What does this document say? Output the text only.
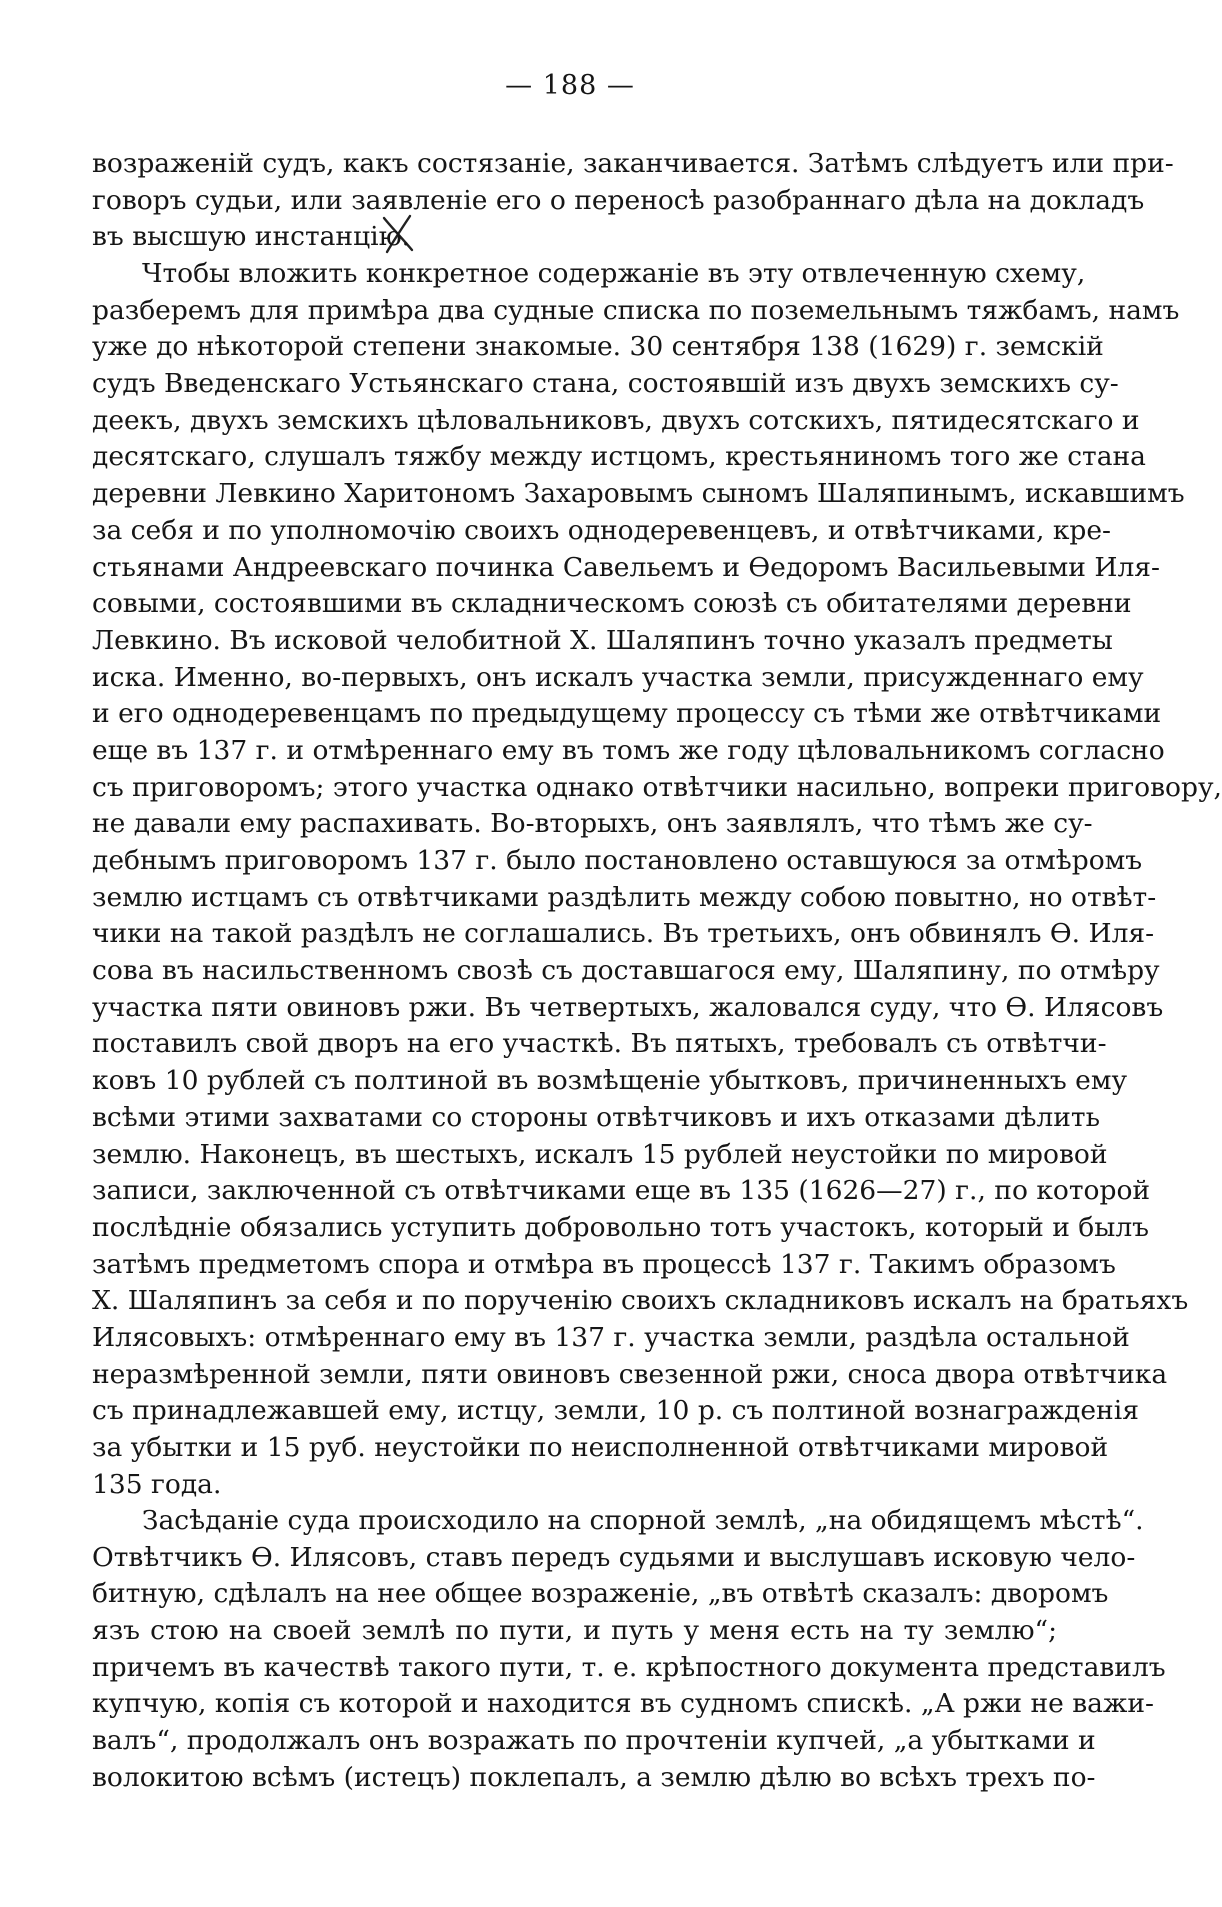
— 188 —
возраженій судъ, какъ состязаніе, заканчивается. Затѣмъ слѣдуетъ или при-
говоръ судьи, или заявленіе его о переносѣ разобраннаго дѣла на докладъ
въ высшую инстанцію.
Чтобы вложить конкретное содержаніе въ эту отвлеченную схему,
разберемъ для примѣра два судные списка по поземельнымъ тяжбамъ, намъ
уже до нѣкоторой степени знакомые. 30 сентября 138 (1629) г. земскій
судъ Введенскаго Устьянскаго стана, состоявшій изъ двухъ земскихъ су-
деекъ, двухъ земскихъ цѣловальниковъ, двухъ сотскихъ, пятидесятскаго и
десятскаго, слушалъ тяжбу между истцомъ, крестьяниномъ того же стана
деревни Левкино Харитономъ Захаровымъ сыномъ Шаляпинымъ, искавшимъ
за себя и по уполномочію своихъ однодеревенцевъ, и отвѣтчиками, кре-
стьянами Андреевскаго починка Савельемъ и Ѳедоромъ Васильевыми Иля-
совыми, состоявшими въ складническомъ союзѣ съ обитателями деревни
Левкино. Въ исковой челобитной Х. Шаляпинъ точно указалъ предметы
иска. Именно, во-первыхъ, онъ искалъ участка земли, присужденнаго ему
и его однодеревенцамъ по предыдущему процессу съ тѣми же отвѣтчиками
еще въ 137 г. и отмѣреннаго ему въ томъ же году цѣловальникомъ согласно
съ приговоромъ; этого участка однако отвѣтчики насильно, вопреки приговору,
не давали ему распахивать. Во-вторыхъ, онъ заявлялъ, что тѣмъ же су-
дебнымъ приговоромъ 137 г. было постановлено оставшуюся за отмѣромъ
землю истцамъ съ отвѣтчиками раздѣлить между собою повытно, но отвѣт-
чики на такой раздѣлъ не соглашались. Въ третьихъ, онъ обвинялъ Ѳ. Иля-
сова въ насильственномъ свозѣ съ доставшагося ему, Шаляпину, по отмѣру
участка пяти овиновъ ржи. Въ четвертыхъ, жаловался суду, что Ѳ. Илясовъ
поставилъ свой дворъ на его участкѣ. Въ пятыхъ, требовалъ съ отвѣтчи-
ковъ 10 рублей съ полтиной въ возмѣщеніе убытковъ, причиненныхъ ему
всѣми этими захватами со стороны отвѣтчиковъ и ихъ отказами дѣлить
землю. Наконецъ, въ шестыхъ, искалъ 15 рублей неустойки по мировой
записи, заключенной съ отвѣтчиками еще въ 135 (1626—27) г., по которой
послѣдніе обязались уступить добровольно тотъ участокъ, который и былъ
затѣмъ предметомъ спора и отмѣра въ процессѣ 137 г. Такимъ образомъ
Х. Шаляпинъ за себя и по порученію своихъ складниковъ искалъ на братьяхъ
Илясовыхъ: отмѣреннаго ему въ 137 г. участка земли, раздѣла остальной
неразмѣренной земли, пяти овиновъ свезенной ржи, сноса двора отвѣтчика
съ принадлежавшей ему, истцу, земли, 10 р. съ полтиной вознагражденія
за убытки и 15 руб. неустойки по неисполненной отвѣтчиками мировой
135 года.
Засѣданіе суда происходило на спорной землѣ, „на обидящемъ мѣстѣ“.
Отвѣтчикъ Ѳ. Илясовъ, ставъ передъ судьями и выслушавъ исковую чело-
битную, сдѣлалъ на нее общее возраженіе, „въ отвѣтѣ сказалъ: дворомъ
язъ стою на своей землѣ по пути, и путь у меня есть на ту землю“;
причемъ въ качествѣ такого пути, т. е. крѣпостного документа представилъ
купчую, копія съ которой и находится въ судномъ спискѣ. „А ржи не важи-
валъ“, продолжалъ онъ возражать по прочтеніи купчей, „а убытками и
волокитою всѣмъ (истецъ) поклепалъ, а землю дѣлю во всѣхъ трехъ по-
